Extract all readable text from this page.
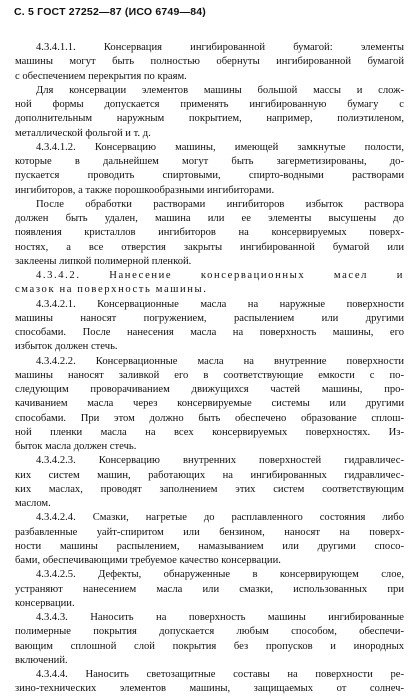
С. 5 ГОСТ 27252—87 (ИСО 6749—84)
4.3.4.1.1. Консервация ингибированной бумагой: элементы
машины могут быть полностью обернуты ингибированной бумагой
с обеспечением перекрытия по краям.
Для консервации элементов машины большой массы и слож-
ной формы допускается применять ингибированную бумагу с
дополнительным наружным покрытием, например, полиэтиленом,
металлической фольгой и т. д.
4.3.4.1.2. Консервацию машины, имеющей замкнутые полости,
которые в дальнейшем могут быть загерметизированы, до-
пускается проводить спиртовыми, спирто-водными растворами
ингибиторов, а также порошкообразными ингибиторами.
После обработки растворами ингибиторов избыток раствора
должен быть удален, машина или ее элементы высушены до
появления кристаллов ингибиторов на консервируемых поверх-
ностях, а все отверстия закрыты ингибированной бумагой или
заклеены липкой полимерной пленкой.
4.3.4.2. Нанесение консервационных масел и
смазок на поверхность машины.
4.3.4.2.1. Консервационные масла на наружные поверхности
машины наносят погружением, распылением или другими
способами. После нанесения масла на поверхность машины, его
избыток должен стечь.
4.3.4.2.2. Консервационные масла на внутренние поверхности
машины наносят заливкой его в соответствующие емкости с по-
следующим проворачиванием движущихся частей машины, про-
качиванием масла через консервируемые системы или другими
способами. При этом должно быть обеспечено образование сплош-
ной пленки масла на всех консервируемых поверхностях. Из-
быток масла должен стечь.
4.3.4.2.3. Консервацию внутренних поверхностей гидравличес-
ких систем машин, работающих на ингибированных гидравличес-
ких маслах, проводят заполнением этих систем соответствующим
маслом.
4.3.4.2.4. Смазки, нагретые до расплавленного состояния либо
разбавленные уайт-спиритом или бензином, наносят на поверх-
ности машины распылением, намазыванием или другими спосо-
бами, обеспечивающими требуемое качество консервации.
4.3.4.2.5. Дефекты, обнаруженные в консервирующем слое,
устраняют нанесением масла или смазки, использованных при
консервации.
4.3.4.3. Наносить на поверхность машины ингибированные
полимерные покрытия допускается любым способом, обеспечи-
вающим сплошной слой покрытия без пропусков и инородных
включений.
4.3.4.4. Наносить светозащитные составы на поверхности ре-
зино-технических элементов машины, защищаемых от солнеч-
